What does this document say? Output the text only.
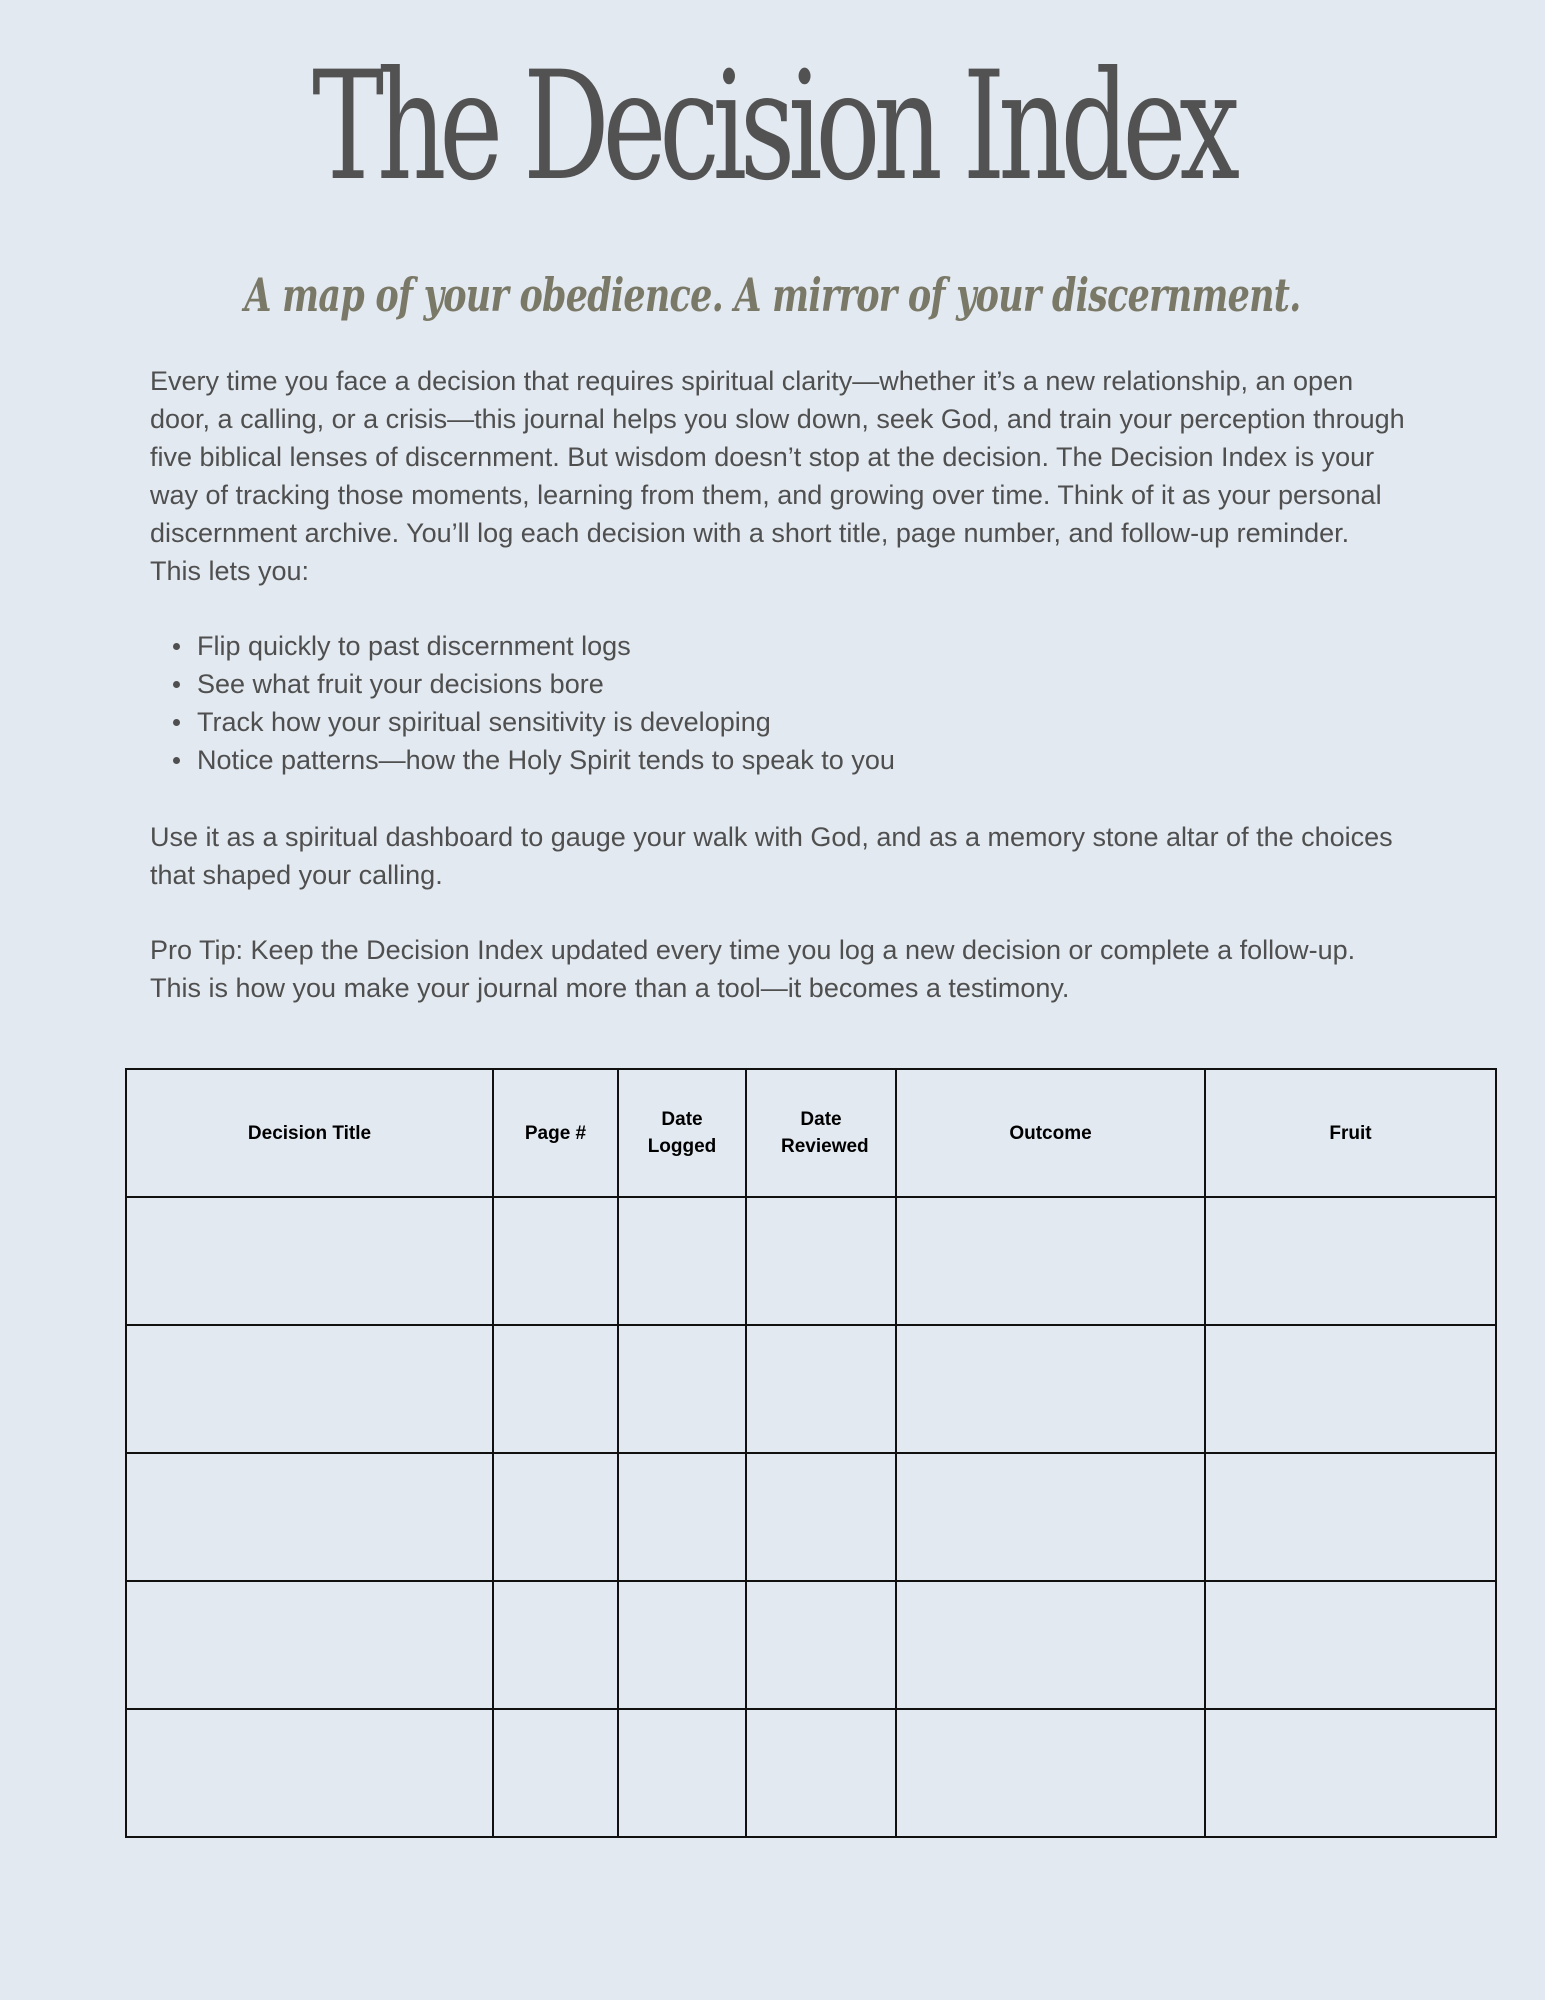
The Decision Index
A map of your obedience. A mirror of your discernment.

Every time you face a decision that requires spiritual clarity—whether it’s a new relationship, an open door, a calling, or a crisis—this journal helps you slow down, seek God, and train your perception through five biblical lenses of discernment. But wisdom doesn’t stop at the decision. The Decision Index is your way of tracking those moments, learning from them, and growing over time. Think of it as your personal discernment archive. You’ll log each decision with a short title, page number, and follow-up reminder. This lets you:

Flip quickly to past discernment logs
See what fruit your decisions bore
Track how your spiritual sensitivity is developing
Notice patterns—how the Holy Spirit tends to speak to you

Use it as a spiritual dashboard to gauge your walk with God, and as a memory stone altar of the choices that shaped your calling.

Pro Tip: Keep the Decision Index updated every time you log a new decision or complete a follow-up. This is how you make your journal more than a tool—it becomes a testimony.

Decision Title	Page #	Date Logged	Date Reviewed	Outcome	Fruit
